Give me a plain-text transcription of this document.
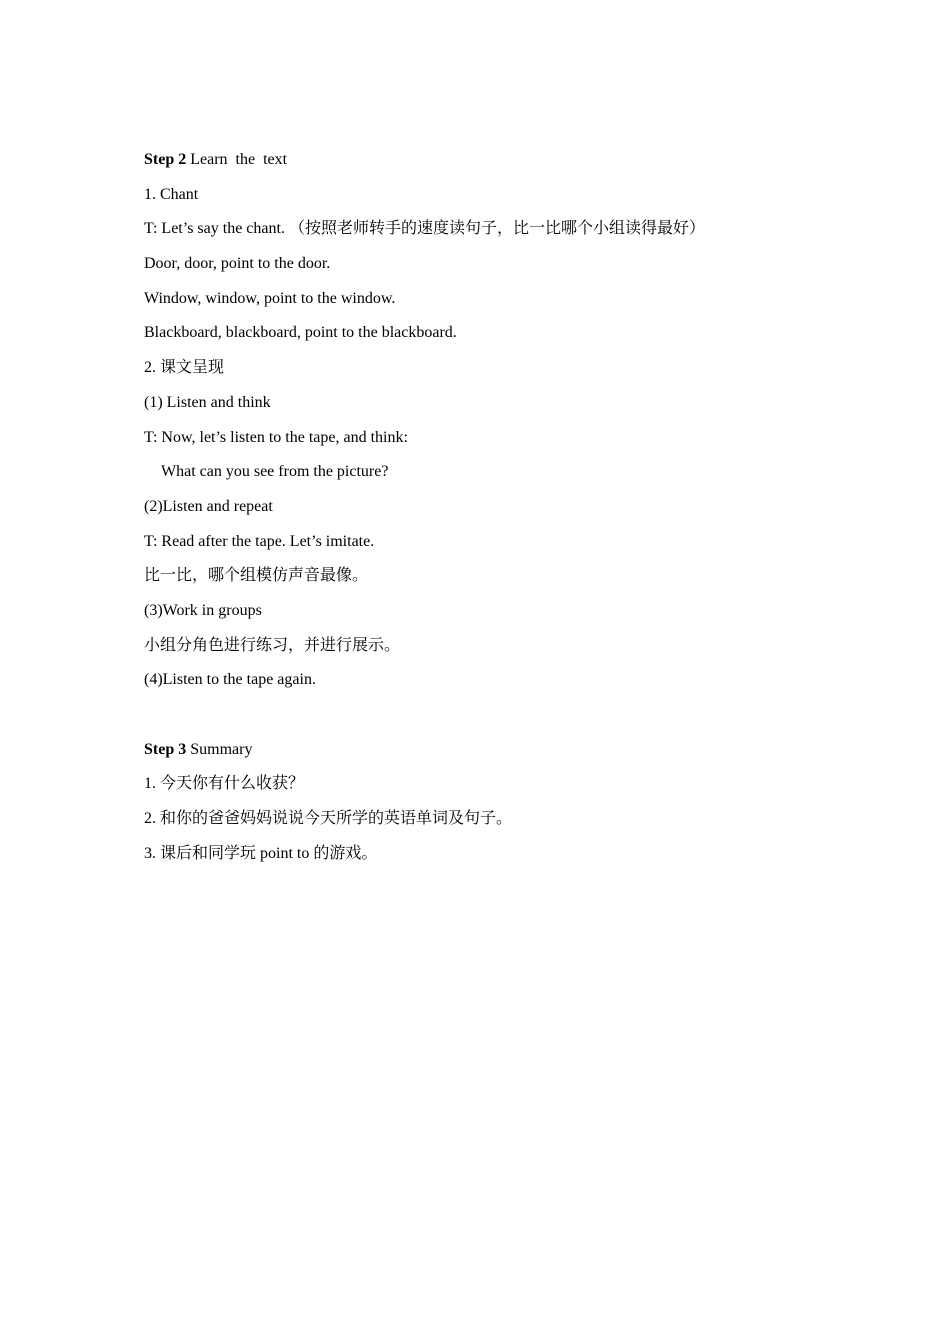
Step 2 Learn  the  text
1. Chant
T: Let’s say the chant. （按照老师转手的速度读句子，比一比哪个小组读得最好）
Door, door, point to the door.
Window, window, point to the window.
Blackboard, blackboard, point to the blackboard.
2. 课文呈现
(1) Listen and think
T: Now, let’s listen to the tape, and think:
What can you see from the picture?
(2)Listen and repeat
T: Read after the tape. Let’s imitate.
比一比，哪个组模仿声音最像。
(3)Work in groups
小组分角色进行练习，并进行展示。
(4)Listen to the tape again.
Step 3 Summary
1. 今天你有什么收获？
2. 和你的爸爸妈妈说说今天所学的英语单词及句子。
3. 课后和同学玩 point to 的游戏。
